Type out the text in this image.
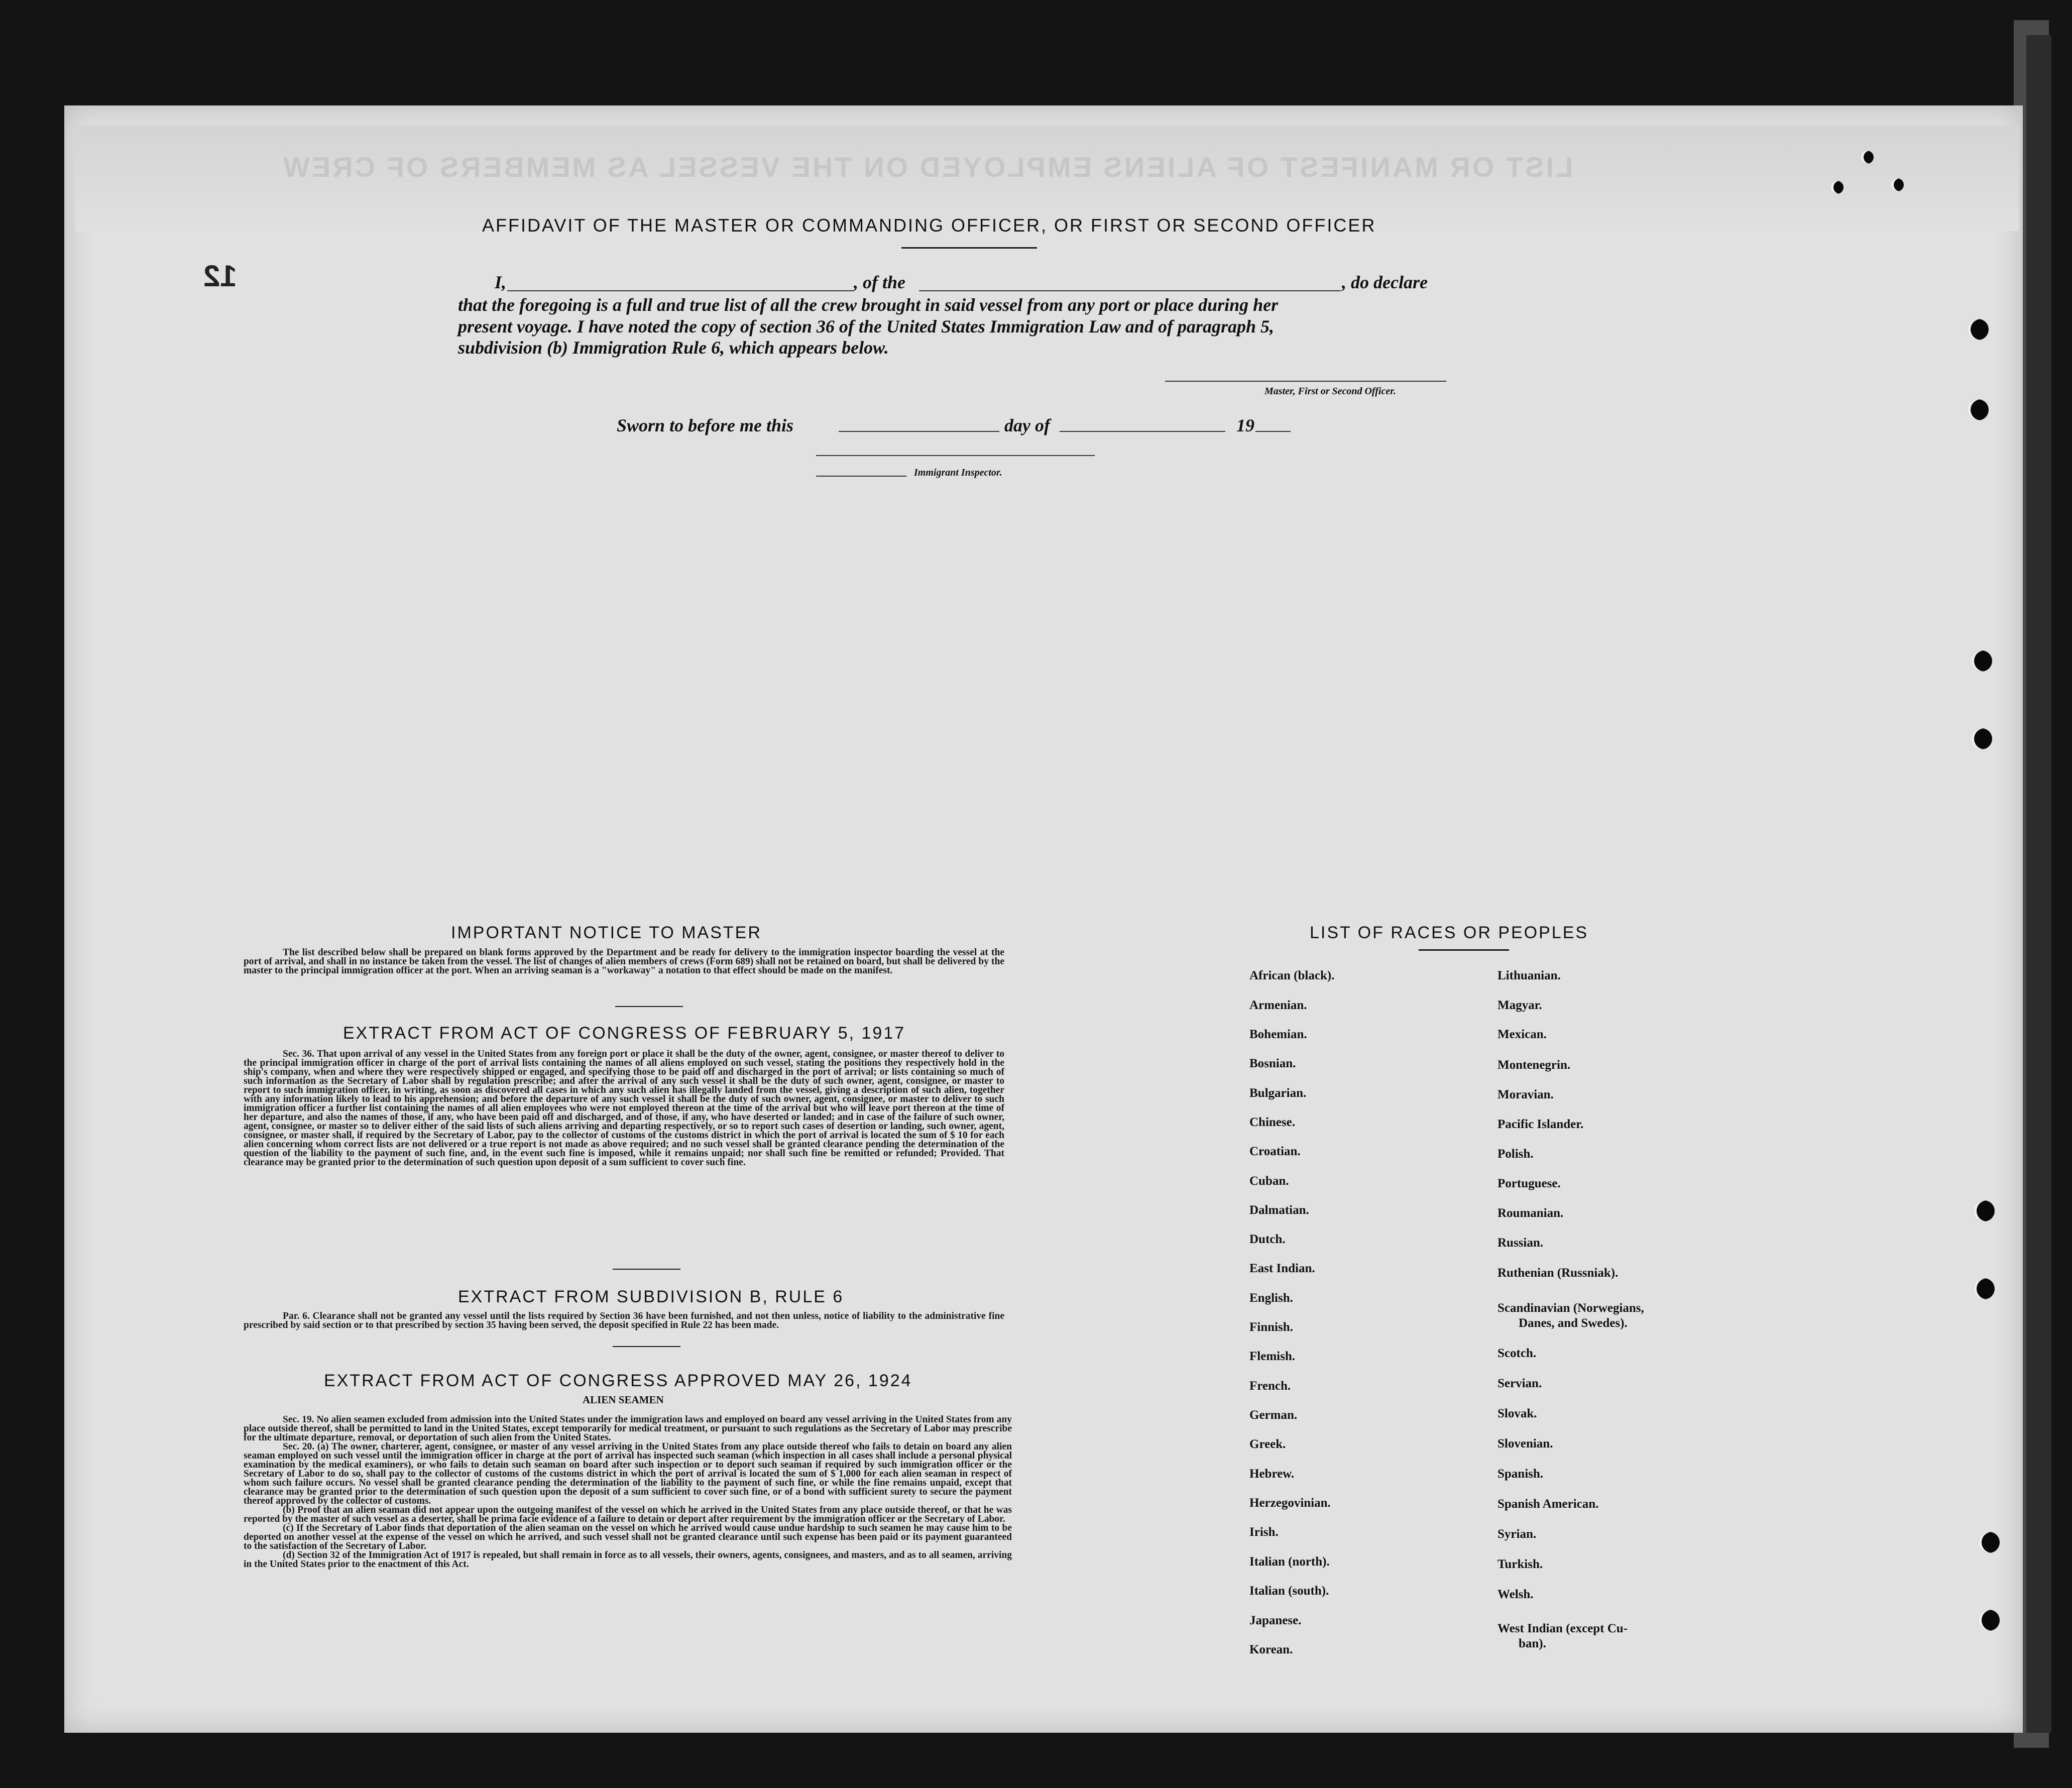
LIST OR MANIFEST OF ALIENS EMPLOYED ON THE VESSEL AS MEMBERS OF CREW
12
AFFIDAVIT OF THE MASTER OR COMMANDING OFFICER, OR FIRST OR SECOND OFFICER
I,	, of the	, do declare
that the foregoing is a full and true list of all the crew brought in said vessel from any port or place during her
present voyage. I have noted the copy of section 36 of the United States Immigration Law and of paragraph 5,
subdivision (b) Immigration Rule 6, which appears below.
Master, First or Second Officer.
Sworn to before me this	day of	19
Immigrant Inspector.
IMPORTANT NOTICE TO MASTER

The list described below shall be prepared on blank forms approved by the Department and be ready for delivery to the immigration inspector boarding the vessel at the port of arrival, and shall in no instance be taken from the vessel. The list of changes of alien members of crews (Form 689) shall not be retained on board, but shall be delivered by the master to the principal immigration officer at the port. When an arriving seaman is a "workaway" a notation to that effect should be made on the manifest.

EXTRACT FROM ACT OF CONGRESS OF FEBRUARY 5, 1917

Sec. 36. That upon arrival of any vessel in the United States from any foreign port or place it shall be the duty of the owner, agent, consignee, or master thereof to deliver to the principal immigration officer in charge of the port of arrival lists containing the names of all aliens employed on such vessel, stating the positions they respectively hold in the ship's company, when and where they were respectively shipped or engaged, and specifying those to be paid off and discharged in the port of arrival; or lists containing so much of such information as the Secretary of Labor shall by regulation prescribe; and after the arrival of any such vessel it shall be the duty of such owner, agent, consignee, or master to report to such immigration officer, in writing, as soon as discovered all cases in which any such alien has illegally landed from the vessel, giving a description of such alien, together with any information likely to lead to his apprehension; and before the departure of any such vessel it shall be the duty of such owner, agent, consignee, or master to deliver to such immigration officer a further list containing the names of all alien employees who were not employed thereon at the time of the arrival but who will leave port thereon at the time of her departure, and also the names of those, if any, who have been paid off and discharged, and of those, if any, who have deserted or landed; and in case of the failure of such owner, agent, consignee, or master so to deliver either of the said lists of such aliens arriving and departing respectively, or so to report such cases of desertion or landing, such owner, agent, consignee, or master shall, if required by the Secretary of Labor, pay to the collector of customs of the customs district in which the port of arrival is located the sum of $ 10 for each alien concerning whom correct lists are not delivered or a true report is not made as above required; and no such vessel shall be granted clearance pending the determination of the question of the liability to the payment of such fine, and, in the event such fine is imposed, while it remains unpaid; nor shall such fine be remitted or refunded; Provided. That clearance may be granted prior to the determination of such question upon deposit of a sum sufficient to cover such fine.

EXTRACT FROM SUBDIVISION B, RULE 6

Par. 6. Clearance shall not be granted any vessel until the lists required by Section 36 have been furnished, and not then unless, notice of liability to the administrative fine prescribed by said section or to that prescribed by section 35 having been served, the deposit specified in Rule 22 has been made.

EXTRACT FROM ACT OF CONGRESS APPROVED MAY 26, 1924
ALIEN SEAMEN

Sec. 19. No alien seamen excluded from admission into the United States under the immigration laws and employed on board any vessel arriving in the United States from any place outside thereof, shall be permitted to land in the United States, except temporarily for medical treatment, or pursuant to such regulations as the Secretary of Labor may prescribe for the ultimate departure, removal, or deportation of such alien from the United States.

Sec. 20. (a) The owner, charterer, agent, consignee, or master of any vessel arriving in the United States from any place outside thereof who fails to detain on board any alien seaman employed on such vessel until the immigration officer in charge at the port of arrival has inspected such seaman (which inspection in all cases shall include a personal physical examination by the medical examiners), or who fails to detain such seaman on board after such inspection or to deport such seaman if required by such immigration officer or the Secretary of Labor to do so, shall pay to the collector of customs of the customs district in which the port of arrival is located the sum of $ 1,000 for each alien seaman in respect of whom such failure occurs. No vessel shall be granted clearance pending the determination of the liability to the payment of such fine, or while the fine remains unpaid, except that clearance may be granted prior to the determination of such question upon the deposit of a sum sufficient to cover such fine, or of a bond with sufficient surety to secure the payment thereof approved by the collector of customs.

(b) Proof that an alien seaman did not appear upon the outgoing manifest of the vessel on which he arrived in the United States from any place outside thereof, or that he was reported by the master of such vessel as a deserter, shall be prima facie evidence of a failure to detain or deport after requirement by the immigration officer or the Secretary of Labor.

(c) If the Secretary of Labor finds that deportation of the alien seaman on the vessel on which he arrived would cause undue hardship to such seamen he may cause him to be deported on another vessel at the expense of the vessel on which he arrived, and such vessel shall not be granted clearance until such expense has been paid or its payment guaranteed to the satisfaction of the Secretary of Labor.

(d) Section 32 of the Immigration Act of 1917 is repealed, but shall remain in force as to all vessels, their owners, agents, consignees, and masters, and as to all seamen, arriving in the United States prior to the enactment of this Act.

LIST OF RACES OR PEOPLES
African (black).
Armenian.
Bohemian.
Bosnian.
Bulgarian.
Chinese.
Croatian.
Cuban.
Dalmatian.
Dutch.
East Indian.
English.
Finnish.
Flemish.
French.
German.
Greek.
Hebrew.
Herzegovinian.
Irish.
Italian (north).
Italian (south).
Japanese.
Korean.
Lithuanian.
Magyar.
Mexican.
Montenegrin.
Moravian.
Pacific Islander.
Polish.
Portuguese.
Roumanian.
Russian.
Ruthenian (Russniak).
Scandinavian (Norwegians,
Danes, and Swedes).
Scotch.
Servian.
Slovak.
Slovenian.
Spanish.
Spanish American.
Syrian.
Turkish.
Welsh.
West Indian (except Cu-
ban).
